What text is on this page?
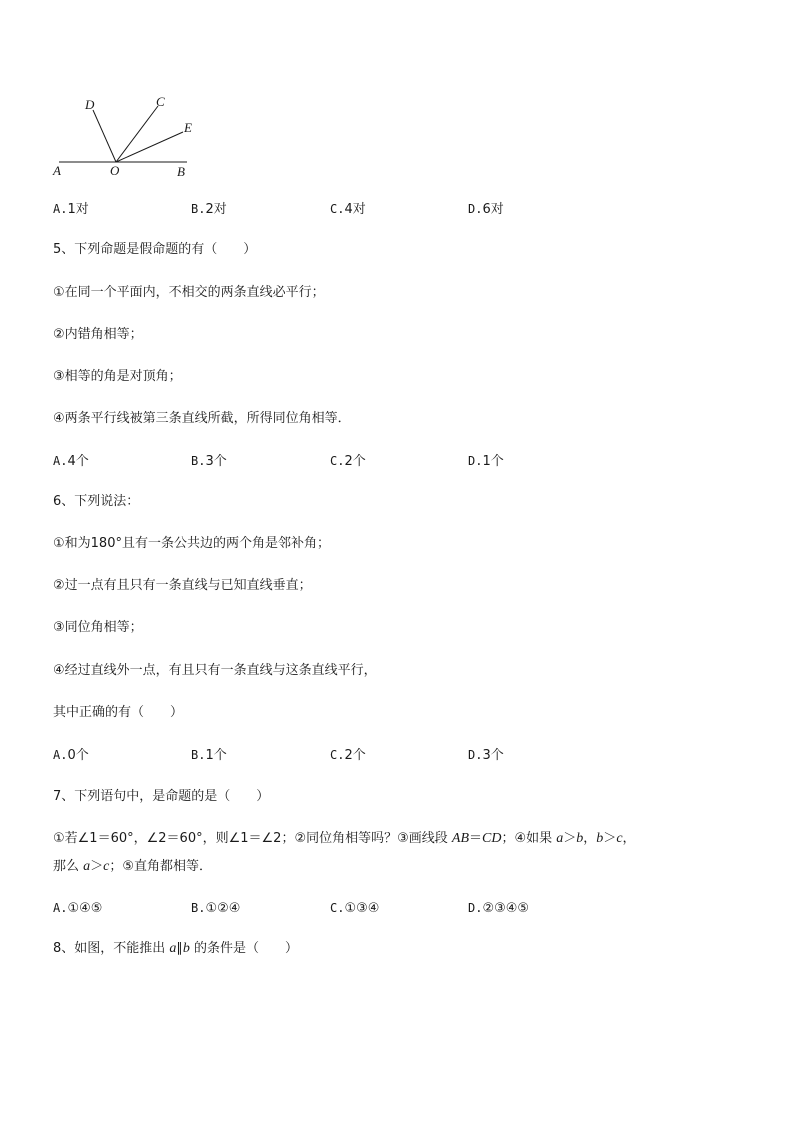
D	C
E
A	O	B
A.1对	B.2对	C.4对	D.6对
5、下列命题是假命题的有（　　）
①在同一个平面内，不相交的两条直线必平行；
②内错角相等；
③相等的角是对顶角；
④两条平行线被第三条直线所截，所得同位角相等．
A.4个	B.3个	C.2个	D.1个
6、下列说法：
①和为180°且有一条公共边的两个角是邻补角；
②过一点有且只有一条直线与已知直线垂直；
③同位角相等；
④经过直线外一点，有且只有一条直线与这条直线平行，
其中正确的有（　　）
A.0个	B.1个	C.2个	D.3个
7、下列语句中，是命题的是（　　）
①若∠1＝60°，∠2＝60°，则∠1＝∠2；②同位角相等吗？③画线段 AB＝CD；④如果 a＞b，b＞c，
那么 a＞c；⑤直角都相等．
A.①④⑤	B.①②④	C.①③④	D.②③④⑤
8、如图，不能推出 a∥b 的条件是（　　）
